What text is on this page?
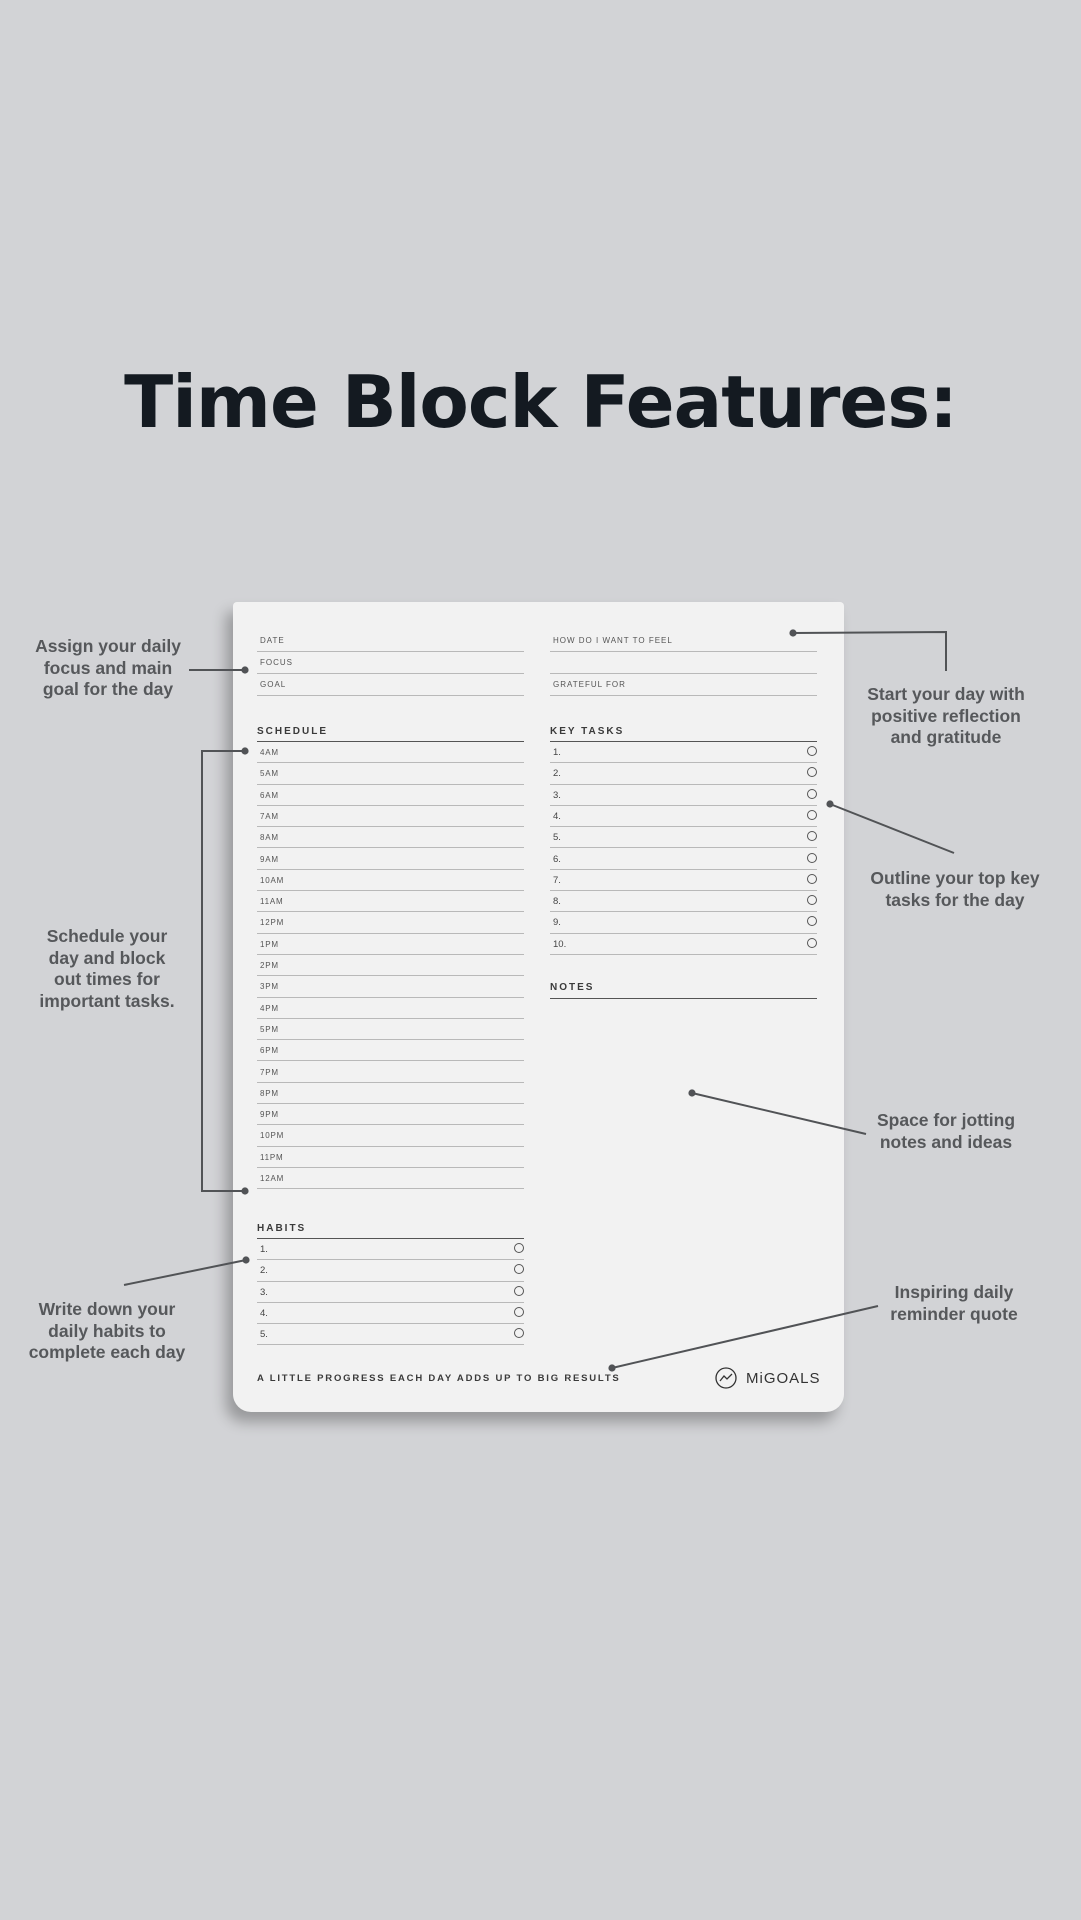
Time Block Features:
Assign your daily focus and main goal for the day	Start your day with positive reflection and gratitude
Outline your top key tasks for the day
Schedule your day and block out times for important tasks.
Space for jotting notes and ideas
Write down your daily habits to complete each day
Inspiring daily reminder quote
DATE
FOCUS
GOAL
HOW DO I WANT TO FEEL
GRATEFUL FOR
SCHEDULE
4AM
5AM
6AM
7AM
8AM
9AM
10AM
11AM
12PM
1PM
2PM
3PM
4PM
5PM
6PM
7PM
8PM
9PM
10PM
11PM
12AM
KEY TASKS
1.
2.
3.
4.
5.
6.
7.
8.
9.
10.
NOTES
HABITS
1.
2.
3.
4.
5.
A LITTLE PROGRESS EACH DAY ADDS UP TO BIG RESULTS	MiGOALS
